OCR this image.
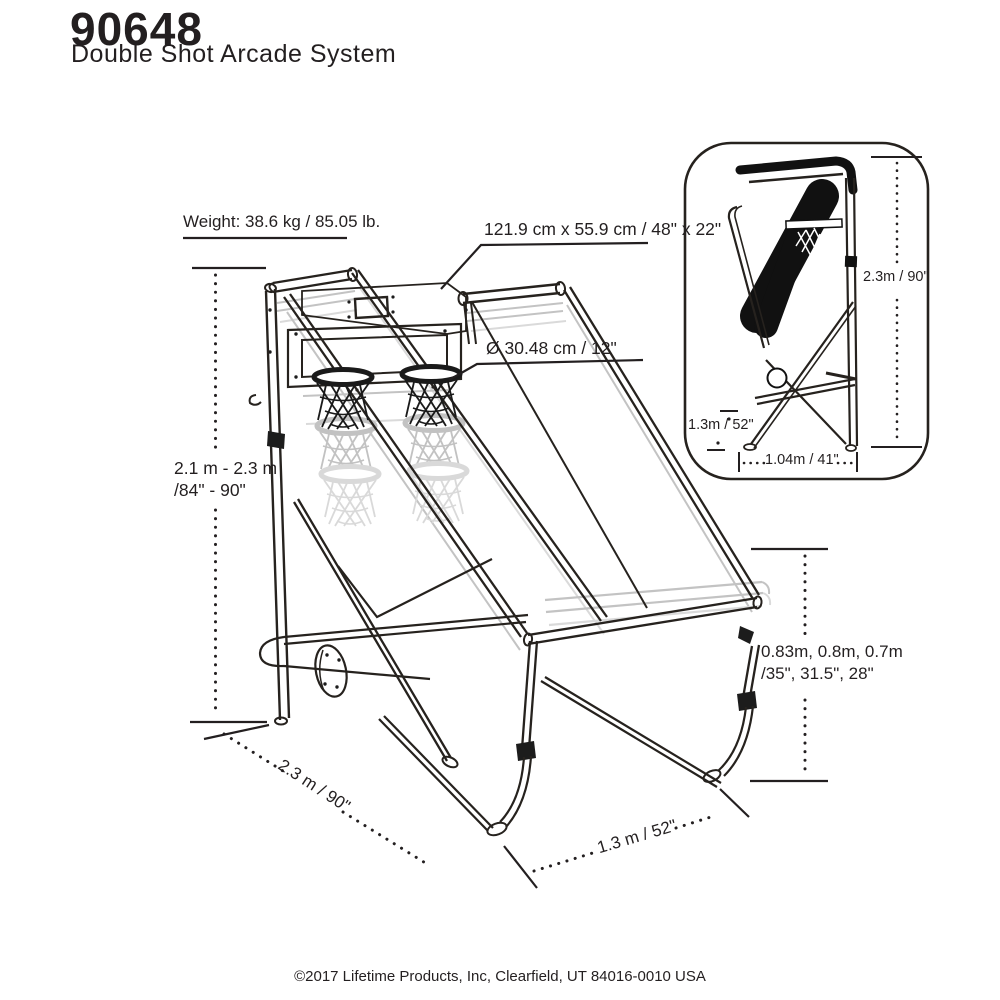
90648
Double Shot Arcade System
Weight: 38.6 kg / 85.05 lb.	121.9 cm x 55.9 cm / 48" x 22"
Ø 30.48 cm / 12"
2.1 m - 2.3 m
/84" - 90"
0.83m, 0.8m, 0.7m
/35", 31.5", 28"
2.3 m / 90"
1.3 m / 52"
2.3m / 90"
1.3m / 52"
1.04m / 41"
©2017 Lifetime Products, Inc, Clearfield, UT 84016-0010 USA
